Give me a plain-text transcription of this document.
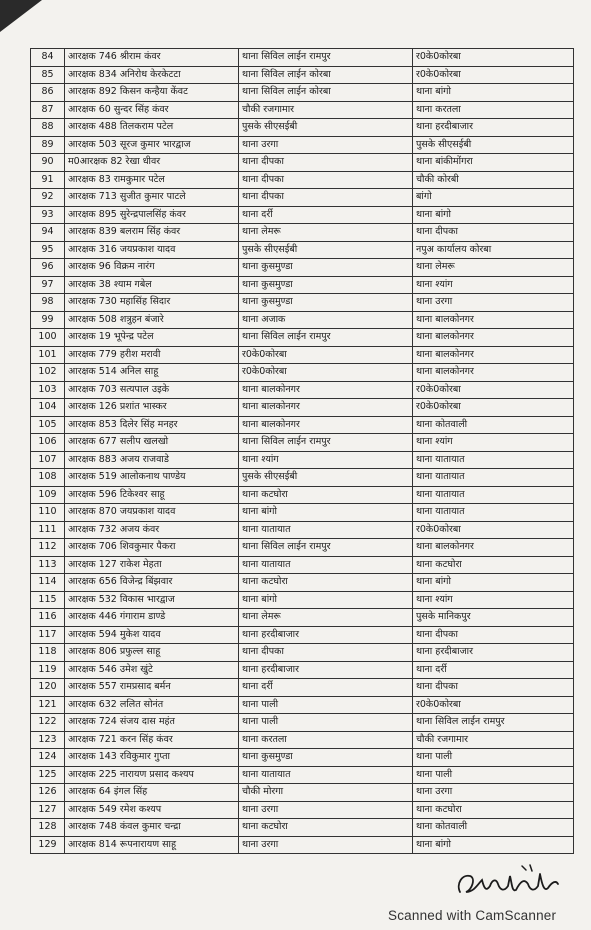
84	आरक्षक 746 श्रीराम कंवर	थाना सिविल लाईन रामपुर	र0के0कोरबा
85	आरक्षक 834 अनिरोध केरकेटटा	थाना सिविल लाईन कोरबा	र0के0कोरबा
86	आरक्षक 892 किसन कन्हैया केंवट	थाना सिविल लाईन कोरबा	थाना बांगो
87	आरक्षक 60 सुन्दर सिंह कंवर	चौकी रजगामार	थाना करतला
88	आरक्षक 488 तिलकराम पटेल	पुसके सीएसईबी	थाना हरदीबाजार
89	आरक्षक 503 सूरज कुमार भारद्वाज	थाना उरगा	पुसके सीएसईबी
90	म0आरक्षक 82 रेखा धीवर	थाना दीपका	थाना बांकीमोंगरा
91	आरक्षक 83 रामकुमार पटेल	थाना दीपका	चौकी कोरबी
92	आरक्षक 713 सुजीत कुमार पाटले	थाना दीपका	बांगो
93	आरक्षक 895 सुरेन्द्रपालसिंह कंवर	थाना दर्री	थाना बांगो
94	आरक्षक 839 बलराम सिंह कंवर	थाना लेमरू	थाना दीपका
95	आरक्षक 316 जयप्रकाश यादव	पुसके सीएसईबी	नपुअ कार्यालय कोरबा
96	आरक्षक 96 विक्रम नारंग	थाना कुसमुण्डा	थाना लेमरू
97	आरक्षक 38 श्याम गबेल	थाना कुसमुण्डा	थाना श्यांग
98	आरक्षक 730 महासिंह सिदार	थाना कुसमुण्डा	थाना उरगा
99	आरक्षक 508 शत्रुहन बंजारे	थाना अजाक	थाना बालकोनगर
100	आरक्षक 19 भूपेन्द्र पटेल	थाना सिविल लाईन रामपुर	थाना बालकोनगर
101	आरक्षक 779 हरीश मरावी	र0के0कोरबा	थाना बालकोनगर
102	आरक्षक 514 अनिल साहू	र0के0कोरबा	थाना बालकोनगर
103	आरक्षक 703 सत्यपाल उइके	थाना बालकोनगर	र0के0कोरबा
104	आरक्षक 126 प्रशांत भास्कर	थाना बालकोनगर	र0के0कोरबा
105	आरक्षक 853 दिलेर सिंह मनहर	थाना बालकोनगर	थाना कोतवाली
106	आरक्षक 677 सलीप खलखो	थाना सिविल लाईन रामपुर	थाना श्यांग
107	आरक्षक 883 अजय राजवाडे	थाना श्यांग	थाना यातायात
108	आरक्षक 519 आलोकनाथ पाण्डेय	पुसके सीएसईबी	थाना यातायात
109	आरक्षक 596 टिकेश्वर साहू	थाना कटघोरा	थाना यातायात
110	आरक्षक 870 जयप्रकाश यादव	थाना बांगो	थाना यातायात
111	आरक्षक 732 अजय कंवर	थाना यातायात	र0के0कोरबा
112	आरक्षक 706 शिवकुमार पैकरा	थाना सिविल लाईन रामपुर	थाना बालकोनगर
113	आरक्षक 127 राकेश मेहता	थाना यातायात	थाना कटघोरा
114	आरक्षक 656 विजेन्द्र बिंझवार	थाना कटघोरा	थाना बांगो
115	आरक्षक 532 विकास भारद्वाज	थाना बांगो	थाना श्यांग
116	आरक्षक 446 गंगाराम डाण्डे	थाना लेमरू	पुसके मानिकपुर
117	आरक्षक 594 मुकेश यादव	थाना हरदीबाजार	थाना दीपका
118	आरक्षक 806 प्रफुल्ल साहू	थाना दीपका	थाना हरदीबाजार
119	आरक्षक 546 उमेश खुंटे	थाना हरदीबाजार	थाना दर्री
120	आरक्षक 557 रामप्रसाद बर्मन	थाना दर्री	थाना दीपका
121	आरक्षक 632 ललित सोनंत	थाना पाली	र0के0कोरबा
122	आरक्षक 724 संजय दास महंत	थाना पाली	थाना सिविल लाईन रामपुर
123	आरक्षक 721 करन सिंह कंवर	थाना करतला	चौकी रजगामार
124	आरक्षक 143 रविकुमार गुप्ता	थाना कुसमुण्डा	थाना पाली
125	आरक्षक 225 नारायण प्रसाद कश्यप	थाना यातायात	थाना पाली
126	आरक्षक 64 इंगल सिंह	चौकी मोरगा	थाना उरगा
127	आरक्षक 549 रमेश कश्यप	थाना उरगा	थाना कटघोरा
128	आरक्षक 748 कंवल कुमार चन्द्रा	थाना कटघोरा	थाना कोतवाली
129	आरक्षक 814 रूपनारायण साहू	थाना उरगा	थाना बांगो
Scanned with CamScanner
